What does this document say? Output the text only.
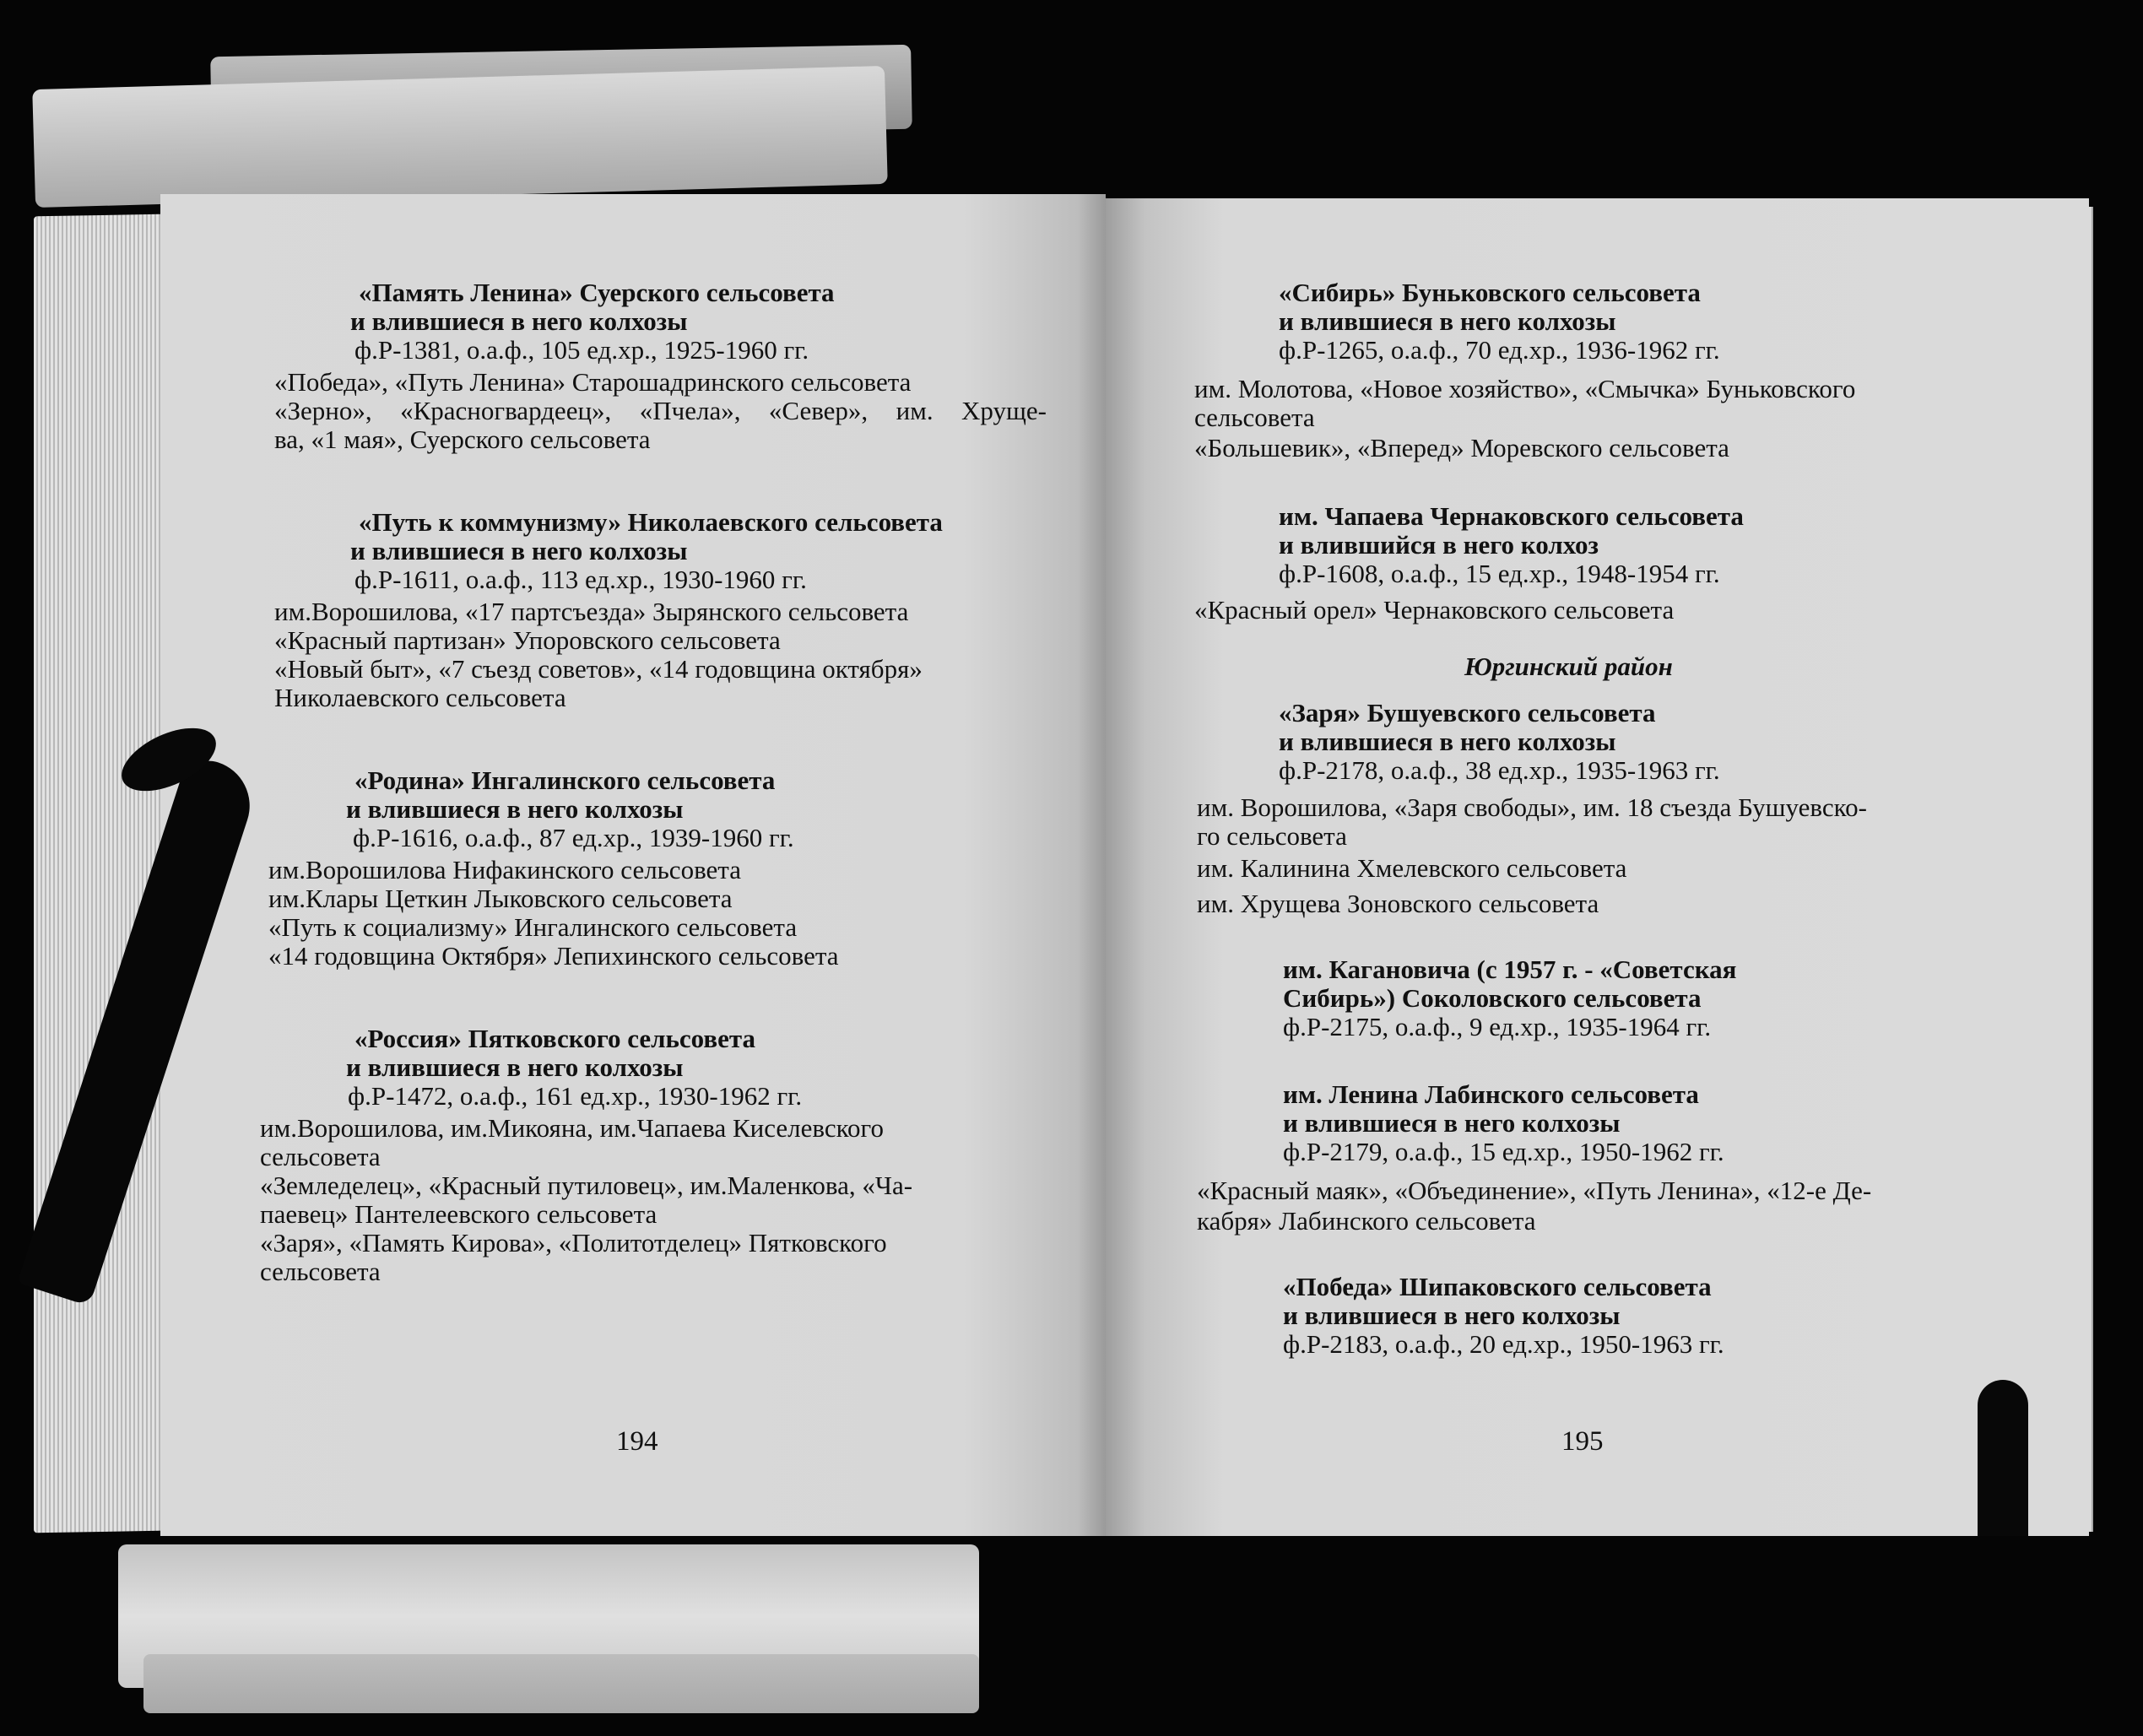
«Память Ленина» Суерского сельсовета
и влившиеся в него колхозы
ф.Р-1381, о.а.ф., 105 ед.хр., 1925-1960 гг.
«Победа», «Путь Ленина» Старошадринского сельсовета
«Зерно», «Красногвардеец», «Пчела», «Север», им. Хруще-
ва, «1 мая», Суерского сельсовета
«Путь к коммунизму» Николаевского сельсовета
и влившиеся в него колхозы
ф.Р-1611, о.а.ф., 113 ед.хр., 1930-1960 гг.
им.Ворошилова, «17 партсъезда» Зырянского сельсовета
«Красный партизан» Упоровского сельсовета
«Новый быт», «7 съезд советов», «14 годовщина октября»
Николаевского сельсовета
«Родина» Ингалинского сельсовета
и влившиеся в него колхозы
ф.Р-1616, о.а.ф., 87 ед.хр., 1939-1960 гг.
им.Ворошилова Нифакинского сельсовета
им.Клары Цеткин Лыковского сельсовета
«Путь к социализму» Ингалинского сельсовета
«14 годовщина Октября» Лепихинского сельсовета
«Россия» Пятковского сельсовета
и влившиеся в него колхозы
ф.Р-1472, о.а.ф., 161 ед.хр., 1930-1962 гг.
им.Ворошилова, им.Микояна, им.Чапаева Киселевского
сельсовета
«Земледелец», «Красный путиловец», им.Маленкова, «Ча-
паевец» Пантелеевского сельсовета
«Заря», «Память Кирова», «Политотделец» Пятковского
сельсовета
194
«Сибирь» Буньковского сельсовета
и влившиеся в него колхозы
ф.Р-1265, о.а.ф., 70 ед.хр., 1936-1962 гг.
им. Молотова, «Новое хозяйство», «Смычка» Буньковского
сельсовета
«Большевик», «Вперед» Моревского сельсовета
им. Чапаева Чернаковского сельсовета
и влившийся в него колхоз
ф.Р-1608, о.а.ф., 15 ед.хр., 1948-1954 гг.
«Красный орел» Чернаковского сельсовета
Юргинский район
«Заря» Бушуевского сельсовета
и влившиеся в него колхозы
ф.Р-2178, о.а.ф., 38 ед.хр., 1935-1963 гг.
им. Ворошилова, «Заря свободы», им. 18 съезда Бушуевско-
го сельсовета
им. Калинина Хмелевского сельсовета
им. Хрущева Зоновского сельсовета
им. Кагановича (с 1957 г. - «Советская
Сибирь») Соколовского сельсовета
ф.Р-2175, о.а.ф., 9 ед.хр., 1935-1964 гг.
им. Ленина Лабинского сельсовета
и влившиеся в него колхозы
ф.Р-2179, о.а.ф., 15 ед.хр., 1950-1962 гг.
«Красный маяк», «Объединение», «Путь Ленина», «12-е Де-
кабря» Лабинского сельсовета
«Победа» Шипаковского сельсовета
и влившиеся в него колхозы
ф.Р-2183, о.а.ф., 20 ед.хр., 1950-1963 гг.
195
